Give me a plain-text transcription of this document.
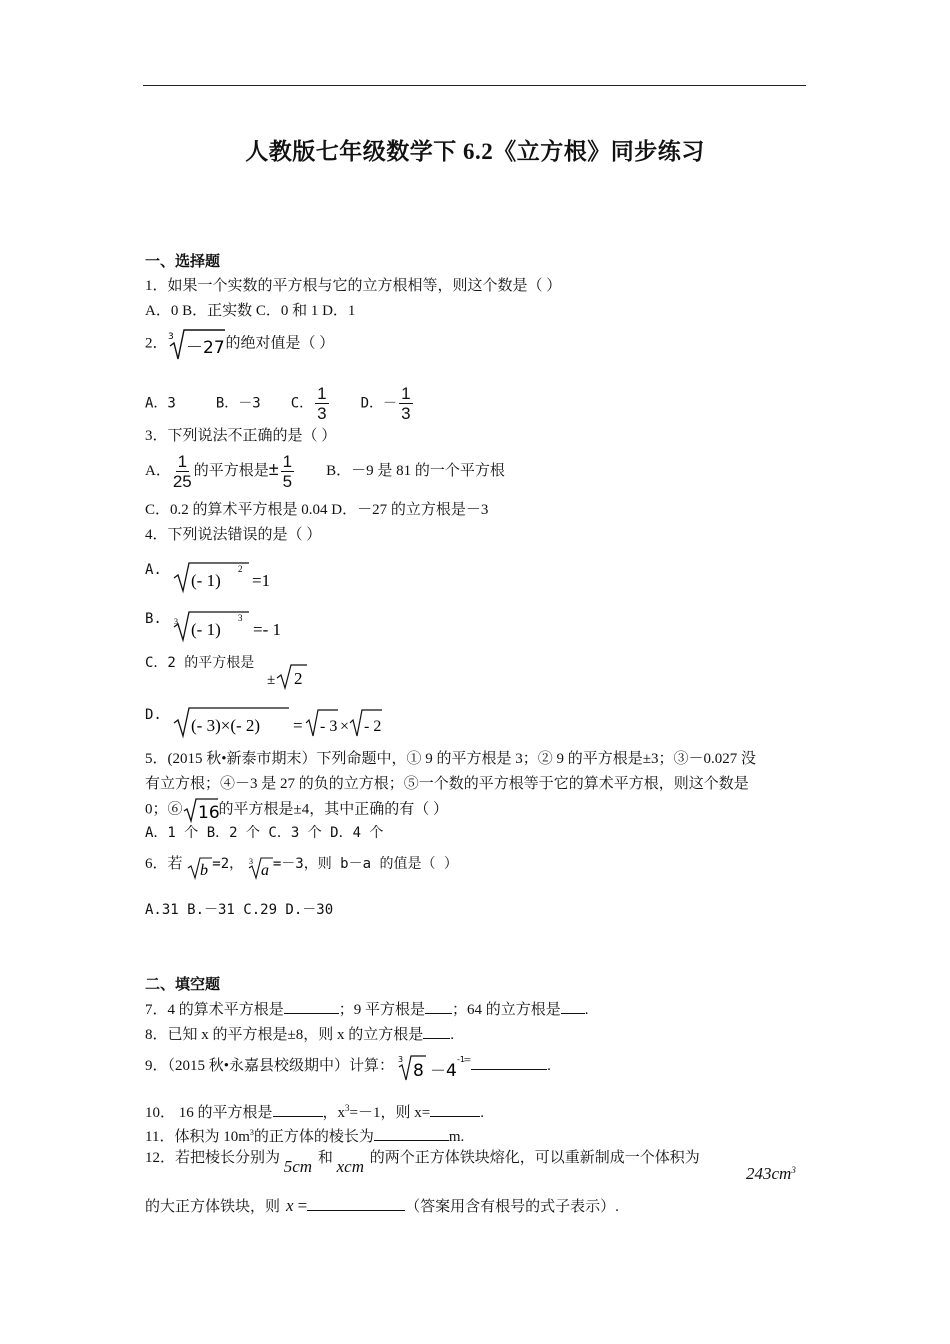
人教版七年级数学下 6.2《立方根》同步练习
一、选择题
1．如果一个实数的平方根与它的立方根相等，则这个数是（ ）
A．0 B．正实数 C．0 和 1 D．1
2． 3
－27 的绝对值是（ ）
A．3	B．－3 C． $\frac{1}{3}$ D．－ $\frac{1}{3}$
3．下列说法不正确的是（ ）
A． $\frac{1}{25}$ 的平方根是± $\frac{1}{5}$ B．－9 是 81 的一个平方根
C．0.2 的算术平方根是 0.04 D．－27 的立方根是－3
4．下列说法错误的是（ ）
A.
(- 1)
2
=1
B. 3 (- 1)
3
=- 1
C．2 的平方根是
± 2
D.
(- 3)×(- 2) = - 3 × - 2
5．(2015 秋•新泰市期末）下列命题中，① 9 的平方根是 3；② 9 的平方根是±3；③－0.027 没
有立方根；④－3 是 27 的负的立方根；⑤一个数的平方根等于它的算术平方根，则这个数是
0；⑥ 16 的平方根是±4，其中正确的有（ ）
A．1 个 B．2 个 C．3 个 D．4 个
6．若 b =2， 3
a =－3，则 b－a 的值是（ ）
A.31 B.－31 C.29 D.－30
二、填空题
7．4 的算术平方根是	；9 平方根是 ；64 的立方根是 .
8．已知 x 的平方根是±8，则 x 的立方根是 .
9．（2015 秋•永嘉县校级期中）计算： 3
8 － 4
-1 =	.
10． 16 的平方根是	，$x^3=-1$，则 x=	.
11．体积为 $10m^3$的正方体的棱长为	m.
12．若把棱长分别为 5cm 和 xcm 的两个正方体铁块熔化，可以重新制成一个体积为
$243cm^3$
的大正方体铁块，则 x =	（答案用含有根号的式子表示）.
